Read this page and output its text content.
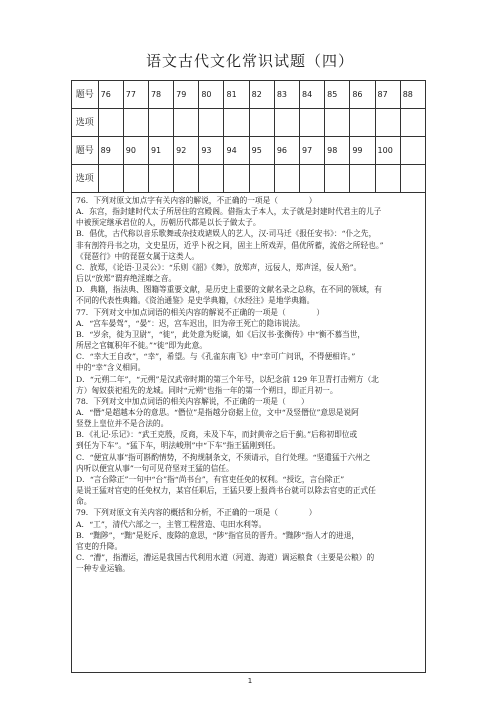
语文古代文化常识试题（四）
题号	76	77	78	79	80	81	82	83	84	85	86	87	88
选项													
题号	89	90	91	92	93	94	95	96	97	98	99	100	
选项													

76．下列对原文加点字有关内容的解说，不正确的一项是（　　　　）

A．东宫，指封建时代太子所居住的宫殿阁。借指太子本人，太子就是封建时代君主的儿子

中被预定继承君位的人，历朝历代都是以长子做太子。

B．倡优，古代称以音乐歌舞或杂技戏谑娱人的艺人，汉·司马迁《报任安书》：“仆之先，

非有剖符丹书之功，文史星历，近乎卜祝之间，固主上所戏弄，倡优所蓄，流俗之所轻也。”

《琵琶行》中的琵琶女属于这类人。

C．放郑，《论语·卫灵公》：“乐则《韶》《舞》，放郑声，远佞人，郑声淫，佞人殆”。

后以“放郑”谓弃绝淫靡之音。

D．典籍，指法典、图籍等重要文献，是历史上重要的文献名录之总称，在不同的领域，有

不同的代表性典籍。《资治通鉴》是史学典籍，《水经注》是地学典籍。

77．下列对文中加点词语的相关内容的解说不正确的一项是（　　　　）

A．“宫车晏驾”，“晏”：迟，宫车迟出，旧为帝王死亡的隐讳说法。

B．“岁余，徙为卫尉”，“徙”，此处意为贬谪，如《后汉书·张衡传》中“衡不慕当世，

所居之官辄积年不徙。”“徙”即为此意。

C．“幸大王自改”，“幸”，希望。与《孔雀东南飞》中“幸可广问讯，不得便相许。”

中的“幸”含义相同。

D．“元朔二年”，“元朔”是汉武帝时期的第三个年号，以纪念前 129 年卫青打击朔方（北

方）匈奴获祀祖先的龙城。同时“元朔”也指一年的第一个朔日，即正月初一。

78．下列对文中加点词语的相关内容解说，不正确的一项是（　　）

A．“僭”是超越本分的意思。“僭位”是指越分窃据上位，文中“及竖僭位”意思是说阿

竖登上皇位并不是合法的。

B．《礼记·乐记》：“武王克殷，反商，未及下车，而封黄帝之后于蓟。”后称初即位或

到任为下车”。“猛下车，明法峻刑”中“下车”指王猛刚到任。

C．“便宜从事”指可斟酌情势，不拘规制条文，不须请示，自行处理。“坚遣猛于六州之

内听以便宜从事”一句可见苻坚对王猛的信任。

D．“言台除正”一句中“台”指“尚书台”，有官吏任免的权利。“授讫，言台除正”

是说王猛对官吏的任免权力，某官任职后，王猛只要上报尚书台就可以除去官吏的正式任

命。

79．下列对原文有关内容的概括和分析，不正确的一项是（　　　　）

A．“工”，清代六部之一，主管工程营造、屯田水利等。

B．“黜陟”，“黜”是贬斥、废除的意思，“陟”指官员的晋升。“黜陟”指人才的进退，

官吏的升降。

C．“漕”，指漕运，漕运是我国古代利用水道（河道、海道）调运粮食（主要是公粮）的

一种专业运输。

1
